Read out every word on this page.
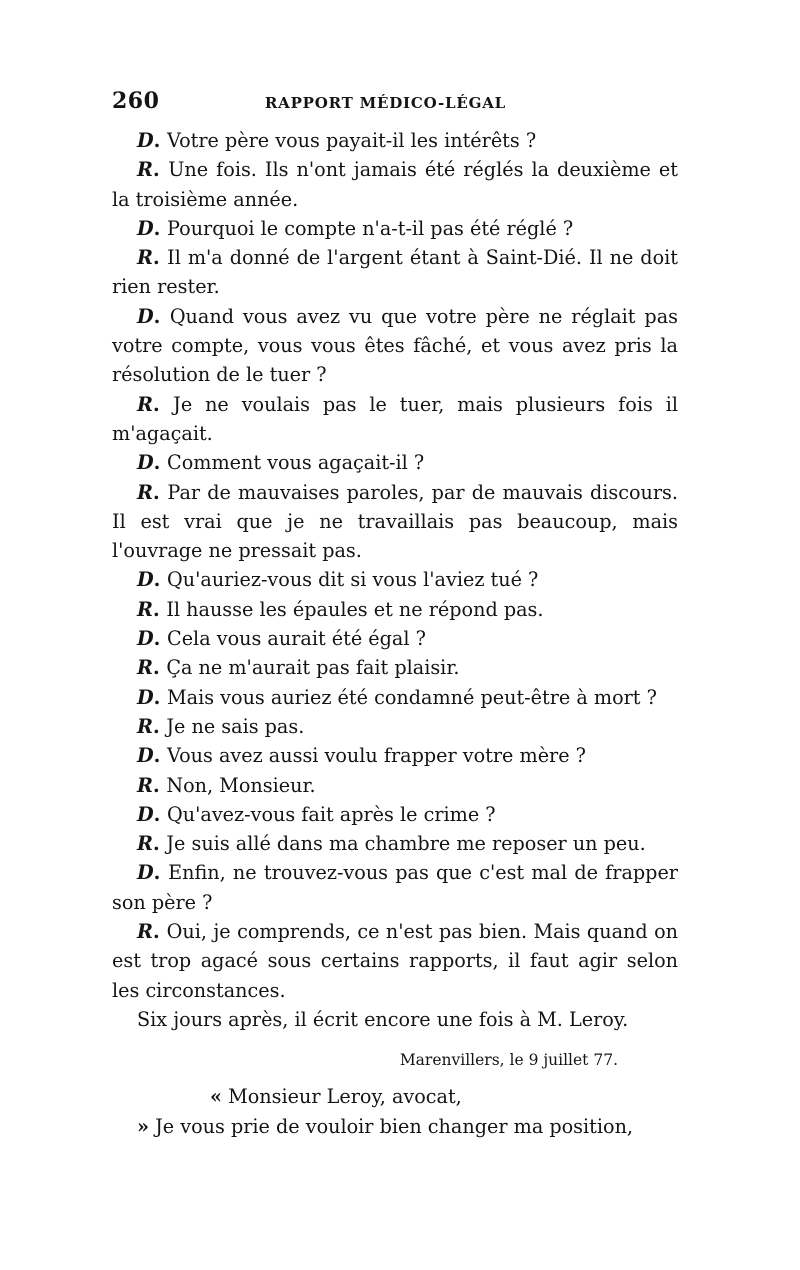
260	RAPPORT MÉDICO-LÉGAL

D . Votre père vous payait-il les intérêts ?

R . Une fois. Ils n'ont jamais été réglés la deuxième et la troisième année.

D . Pourquoi le compte n'a-t-il pas été réglé ?

R . Il m'a donné de l'argent étant à Saint-Dié. Il ne doit rien rester.

D . Quand vous avez vu que votre père ne réglait pas votre compte, vous vous êtes fâché, et vous avez pris la résolution de le tuer ?

R . Je ne voulais pas le tuer, mais plusieurs fois il m'agaçait.

D . Comment vous agaçait-il ?

R . Par de mauvaises paroles, par de mauvais discours. Il est vrai que je ne travaillais pas beaucoup, mais l'ouvrage ne pressait pas.

D . Qu'auriez-vous dit si vous l'aviez tué ?

R . Il hausse les épaules et ne répond pas.

D . Cela vous aurait été égal ?

R . Ça ne m'aurait pas fait plaisir.

D . Mais vous auriez été condamné peut-être à mort ?

R . Je ne sais pas.

D . Vous avez aussi voulu frapper votre mère ?

R . Non, Monsieur.

D . Qu'avez-vous fait après le crime ?

R . Je suis allé dans ma chambre me reposer un peu.

D . Enfin, ne trouvez-vous pas que c'est mal de frapper son père ?

R . Oui, je comprends, ce n'est pas bien. Mais quand on est trop agacé sous certains rapports, il faut agir selon les circonstances.

Six jours après, il écrit encore une fois à M. Leroy.

Marenvillers, le 9 juillet 77.

« Monsieur Leroy, avocat,

» Je vous prie de vouloir bien changer ma position,
